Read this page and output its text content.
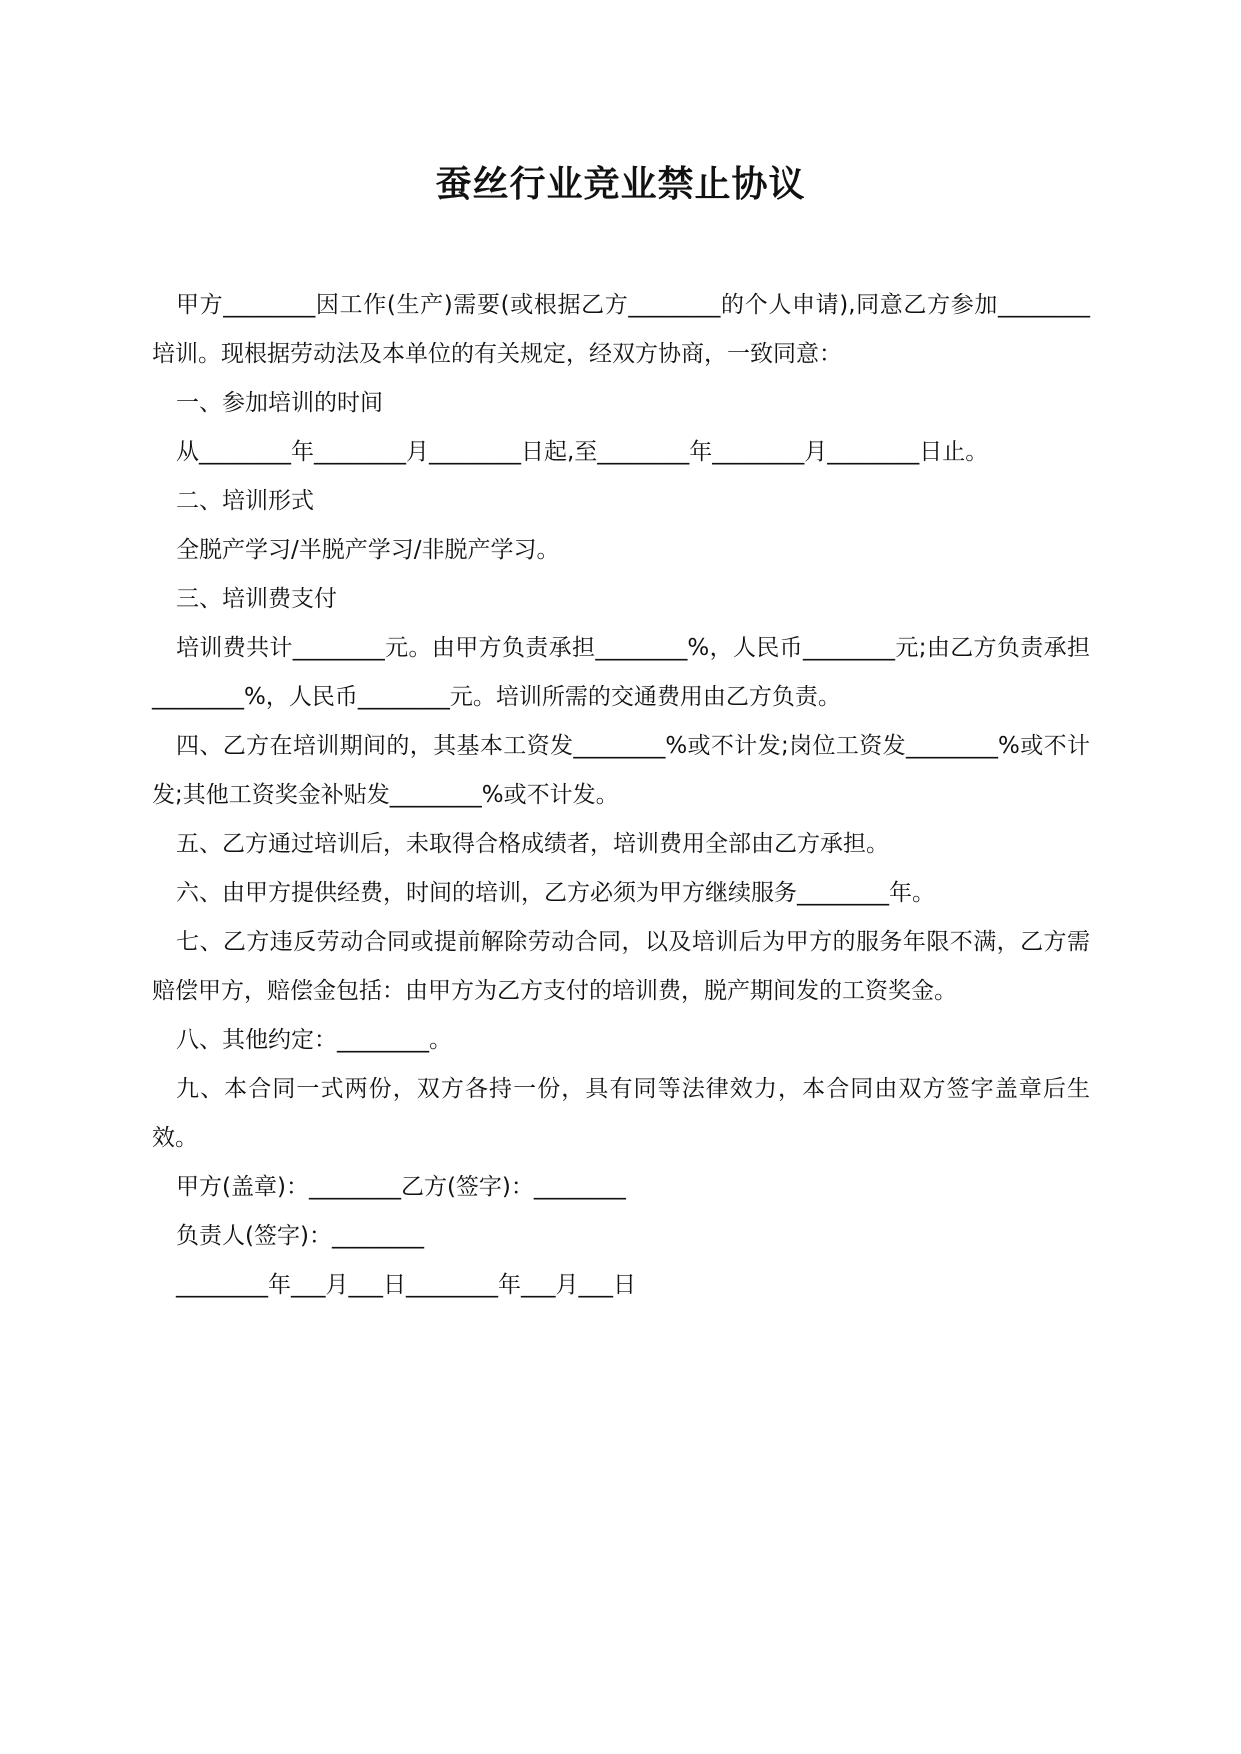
蚕丝行业竞业禁止协议

甲方________因工作(生产)需要(或根据乙方________的个人申请),同意乙方参加________培训。现根据劳动法及本单位的有关规定，经双方协商，一致同意：

一、参加培训的时间

从________年________月________日起,至________年________月________日止。

二、培训形式

全脱产学习/半脱产学习/非脱产学习。

三、培训费支付

培训费共计________元。由甲方负责承担________%，人民币________元;由乙方负责承担________%，人民币________元。培训所需的交通费用由乙方负责。

四、乙方在培训期间的，其基本工资发________%或不计发;岗位工资发________%或不计发;其他工资奖金补贴发________%或不计发。

五、乙方通过培训后，未取得合格成绩者，培训费用全部由乙方承担。

六、由甲方提供经费，时间的培训，乙方必须为甲方继续服务________年。

七、乙方违反劳动合同或提前解除劳动合同，以及培训后为甲方的服务年限不满，乙方需赔偿甲方，赔偿金包括：由甲方为乙方支付的培训费，脱产期间发的工资奖金。

八、其他约定：________。

九、本合同一式两份，双方各持一份，具有同等法律效力，本合同由双方签字盖章后生效。

甲方(盖章)：________乙方(签字)：________

负责人(签字)：________

________年___月___日________年___月___日
